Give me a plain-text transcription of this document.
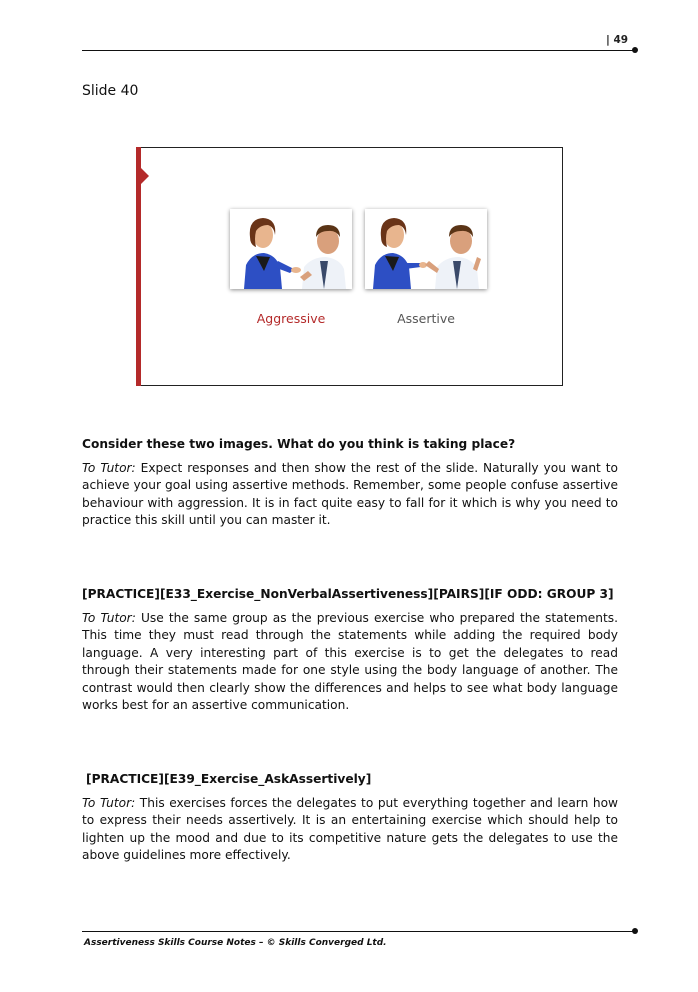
| 49
Slide 40
Aggressive	Assertive

Consider these two images. What do you think is taking place?

To Tutor: Expect responses and then show the rest of the slide. Naturally you want to achieve your goal using assertive methods. Remember, some people confuse assertive behaviour with aggression. It is in fact quite easy to fall for it which is why you need to practice this skill until you can master it.

[PRACTICE][E33_Exercise_NonVerbalAssertiveness][PAIRS][IF ODD: GROUP 3]

To Tutor: Use the same group as the previous exercise who prepared the statements. This time they must read through the statements while adding the required body language. A very interesting part of this exercise is to get the delegates to read through their statements made for one style using the body language of another. The contrast would then clearly show the differences and helps to see what body language works best for an assertive communication.

[PRACTICE][E39_Exercise_AskAssertively]

To Tutor: This exercises forces the delegates to put everything together and learn how to express their needs assertively. It is an entertaining exercise which should help to lighten up the mood and due to its competitive nature gets the delegates to use the above guidelines more effectively.

Assertiveness Skills Course Notes – © Skills Converged Ltd.
